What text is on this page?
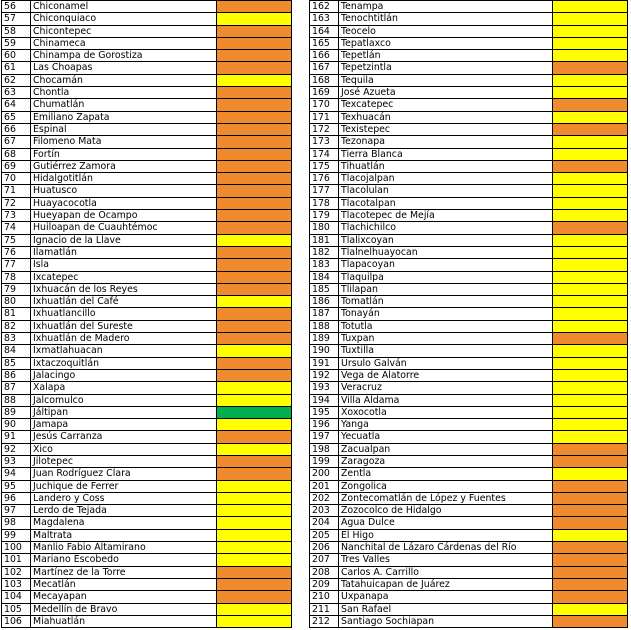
56	Chiconamel	
57	Chiconquiaco	
58	Chicontepec	
59	Chinameca	
60	Chinampa de Gorostiza	
61	Las Choapas	
62	Chocamán	
63	Chontla	
64	Chumatlán	
65	Emiliano Zapata	
66	Espinal	
67	Filomeno Mata	
68	Fortín	
69	Gutiérrez Zamora	
70	Hidalgotitlán	
71	Huatusco	
72	Huayacocotla	
73	Hueyapan de Ocampo	
74	Huiloapan de Cuauhtémoc	
75	Ignacio de la Llave	
76	Ilamatlán	
77	Isla	
78	Ixcatepec	
79	Ixhuacán de los Reyes	
80	Ixhuatlán del Café	
81	Ixhuatlancillo	
82	Ixhuatlán del Sureste	
83	Ixhuatlán de Madero	
84	Ixmatlahuacan	
85	Ixtaczoquitlán	
86	Jalacingo	
87	Xalapa	
88	Jalcomulco	
89	Jáltipan	
90	Jamapa	
91	Jesús Carranza	
92	Xico	
93	Jilotepec	
94	Juan Rodríguez Clara	
95	Juchique de Ferrer	
96	Landero y Coss	
97	Lerdo de Tejada	
98	Magdalena	
99	Maltrata	
100	Manlio Fabio Altamirano	
101	Mariano Escobedo	
102	Martínez de la Torre	
103	Mecatlán	
104	Mecayapan	
105	Medellín de Bravo	
106	Miahuatlán	
162	Tenampa	
163	Tenochtitlán	
164	Teocelo	
165	Tepatlaxco	
166	Tepetlán	
167	Tepetzintla	
168	Tequila	
169	José Azueta	
170	Texcatepec	
171	Texhuacán	
172	Texistepec	
173	Tezonapa	
174	Tierra Blanca	
175	Tihuatlán	
176	Tlacojalpan	
177	Tlacolulan	
178	Tlacotalpan	
179	Tlacotepec de Mejía	
180	Tlachichilco	
181	Tlalixcoyan	
182	Tlalnelhuayocan	
183	Tlapacoyan	
184	Tlaquilpa	
185	Tlilapan	
186	Tomatlán	
187	Tonayán	
188	Totutla	
189	Tuxpan	
190	Tuxtilla	
191	Ursulo Galván	
192	Vega de Alatorre	
193	Veracruz	
194	Villa Aldama	
195	Xoxocotla	
196	Yanga	
197	Yecuatla	
198	Zacualpan	
199	Zaragoza	
200	Zentla	
201	Zongolica	
202	Zontecomatlán de López y Fuentes	
203	Zozocolco de Hidalgo	
204	Agua Dulce	
205	El Higo	
206	Nanchital de Lázaro Cárdenas del Río	
207	Tres Valles	
208	Carlos A. Carrillo	
209	Tatahuicapan de Juárez	
210	Uxpanapa	
211	San Rafael	
212	Santiago Sochiapan	
